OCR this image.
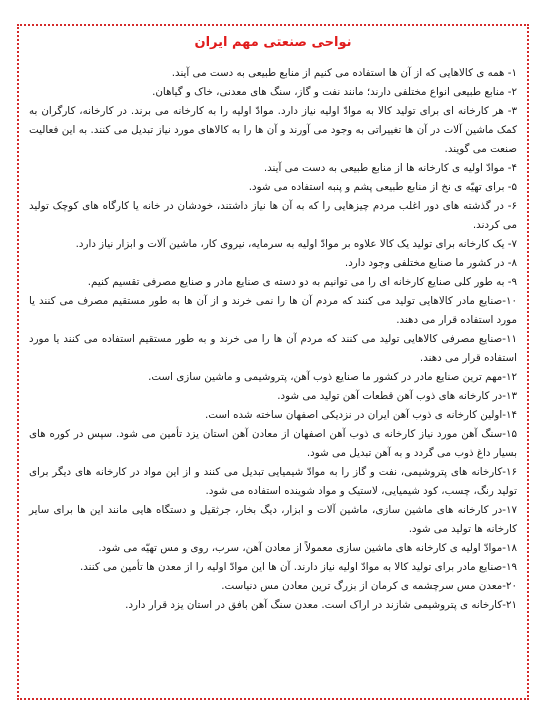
نواحی صنعتی مهم ایران
۱- همه ی کالاهایی که از آن ها استفاده می کنیم از منابع طبیعی به دست می آیند.
۲- منابع طبیعی انواع مختلفی دارند؛ مانند نفت و گاز، سنگ های معدنی، خاک و گیاهان.
۳- هر کارخانه ای برای تولید کالا به موادّ اولیه نیاز دارد. موادّ اولیه را به کارخانه می برند. در کارخانه، کارگران به کمک ماشین آلات در آن ها تغییراتی به وجود می آورند و آن ها را به کالاهای مورد نیاز تبدیل می کنند. به این فعالیت صنعت می گویند.
۴- موادّ اولیه ی کارخانه ها از منابع طبیعی به دست می آیند.
۵- برای تهیّه ی نخ از منابع طبیعی پشم و پنبه استفاده می شود.
۶- در گذشته های دور اغلب مردم چیزهایی را که به آن ها نیاز داشتند، خودشان در خانه یا کارگاه های کوچک تولید می کردند.
۷- یک کارخانه برای تولید یک کالا علاوه بر موادّ اولیه به سرمایه، نیروی کار، ماشین آلات و ابزار نیاز دارد.
۸- در کشور ما صنایع مختلفی وجود دارد.
۹- به طور کلی صنایع کارخانه ای را می توانیم به دو دسته ی صنایع مادر و صنایع مصرفی تقسیم کنیم.
۱۰-صنایع مادر کالاهایی تولید می کنند که مردم آن ها را نمی خرند و از آن ها به طور مستقیم مصرف می کنند یا مورد استفاده قرار می دهند.
۱۱-صنایع مصرفی کالاهایی تولید می کنند که مردم آن ها را می خرند و به طور مستقیم استفاده می کنند یا مورد استفاده قرار می دهند.
۱۲-مهم ترین صنایع مادر در کشور ما صنایع ذوب آهن، پتروشیمی و ماشین سازی است.
۱۳-در کارخانه های ذوب آهن قطعات آهن تولید می شود.
۱۴-اولین کارخانه ی ذوب آهن ایران در نزدیکی اصفهان ساخته شده است.
۱۵-سنگ آهن مورد نیاز کارخانه ی ذوب آهن اصفهان از معادن آهن استان یزد تأمین می شود. سپس در کوره های بسیار داغ ذوب می گردد و به آهن تبدیل می شود.
۱۶-کارخانه های پتروشیمی، نفت و گاز را به موادّ شیمیایی تبدیل می کنند و از این مواد در کارخانه های دیگر برای تولید رنگ، چسب، کود شیمیایی، لاستیک و مواد شوینده استفاده می شود.
۱۷-در کارخانه های ماشین سازی، ماشین آلات و ابزار، دیگ بخار، جرثقیل و دستگاه هایی مانند این ها برای سایر کارخانه ها تولید می شود.
۱۸-موادّ اولیه ی کارخانه های ماشین سازی معمولاً از معادن آهن، سرب، روی و مس تهیّه می شود.
۱۹-صنایع مادر برای تولید کالا به موادّ اولیه نیاز دارند. آن ها این موادّ اولیه را از معدن ها تأمین می کنند.
۲۰-معدن مس سرچشمه ی کرمان از بزرگ ترین معادن مس دنیاست.
۲۱-کارخانه ی پتروشیمی شازند در اراک است. معدن سنگ آهن بافق در استان یزد قرار دارد.
